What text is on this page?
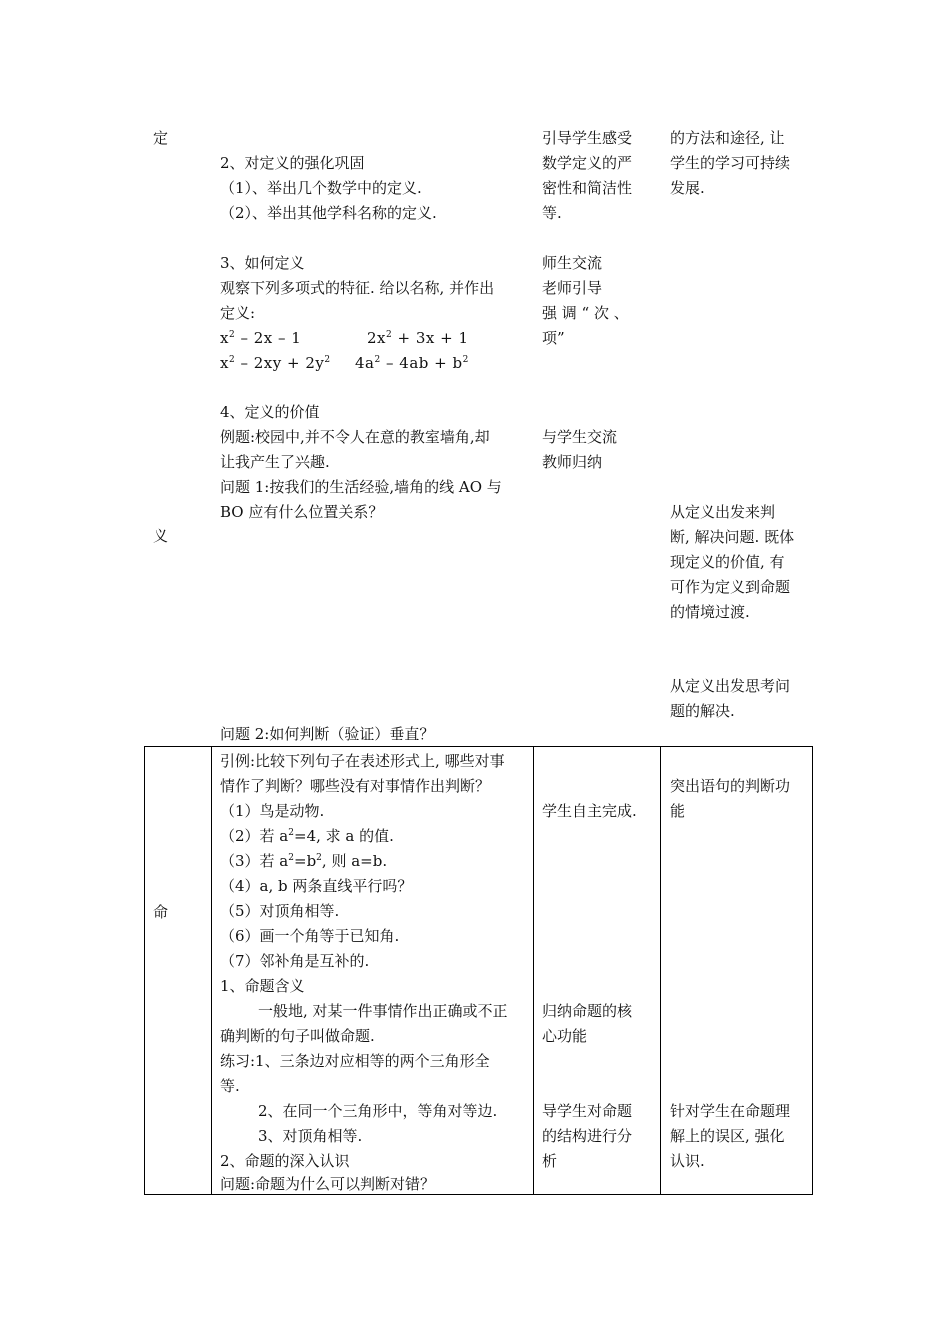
定
义
2、对定义的强化巩固
（1）、举出几个数学中的定义.
（2）、举出其他学科名称的定义.
3、如何定义
观察下列多项式的特征. 给以名称, 并作出
定义:
$x^2 - 2x - 1$	$2x^2 + 3x + 1$
$x^2 - 2xy + 2y^2$ $4a^2 - 4ab + b^2$
4、定义的价值
例题:校园中,并不令人在意的教室墙角,却
让我产生了兴趣.
问题 1:按我们的生活经验,墙角的线 AO 与
BO 应有什么位置关系？
问题 2:如何判断（验证）垂直？
引导学生感受
数学定义的严
密性和简洁性
等.
师生交流
老师引导
强 调 “ 次 、
项”
与学生交流
教师归纳
的方法和途径, 让
学生的学习可持续
发展.
从定义出发来判
断, 解决问题. 既体
现定义的价值, 有
可作为定义到命题
的情境过渡.
从定义出发思考问
题的解决.
命
引例:比较下列句子在表述形式上, 哪些对事
情作了判断？哪些没有对事情作出判断？
（1）鸟是动物.
（2）若 $a^2=4$, 求 a 的值.
（3）若 $a^2=b^2$, 则 a=b.
（4）a, b 两条直线平行吗？
（5）对顶角相等.
（6）画一个角等于已知角.
（7）邻补角是互补的.
1、命题含义
一般地, 对某一件事情作出正确或不正
确判断的句子叫做命题.
练习:1、三条边对应相等的两个三角形全
等.
2、在同一个三角形中，等角对等边.
3、对顶角相等.
2、命题的深入认识
问题:命题为什么可以判断对错？
学生自主完成.
归纳命题的核
心功能
导学生对命题
的结构进行分
析
突出语句的判断功
能
针对学生在命题理
解上的误区, 强化
认识.
